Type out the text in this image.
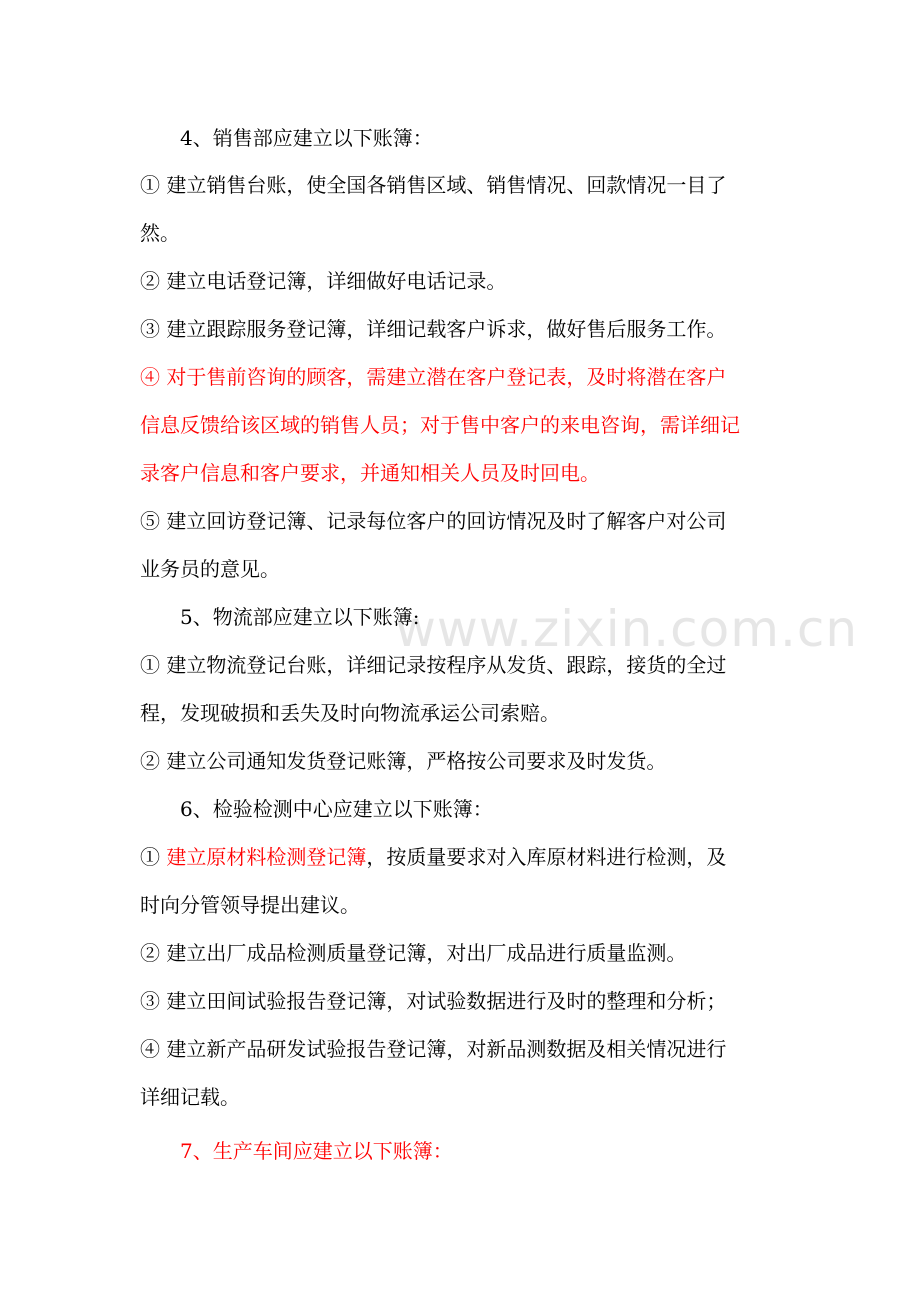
www.zixin.com.cn
4、销售部应建立以下账簿：
① 建立销售台账，使全国各销售区域、销售情况、回款情况一目了
然。
② 建立电话登记簿，详细做好电话记录。
③ 建立跟踪服务登记簿，详细记载客户诉求，做好售后服务工作。
④ 对于售前咨询的顾客，需建立潜在客户登记表，及时将潜在客户
信息反馈给该区域的销售人员；对于售中客户的来电咨询，需详细记
录客户信息和客户要求，并通知相关人员及时回电。
⑤ 建立回访登记簿、记录每位客户的回访情况及时了解客户对公司
业务员的意见。
5、物流部应建立以下账簿:
① 建立物流登记台账，详细记录按程序从发货、跟踪，接货的全过
程，发现破损和丢失及时向物流承运公司索赔。
② 建立公司通知发货登记账簿，严格按公司要求及时发货。
6、检验检测中心应建立以下账簿：
① 建立原材料检测登记簿，按质量要求对入库原材料进行检测，及
时向分管领导提出建议。
② 建立出厂成品检测质量登记簿，对出厂成品进行质量监测。
③ 建立田间试验报告登记簿，对试验数据进行及时的整理和分析；
④ 建立新产品研发试验报告登记簿，对新品测数据及相关情况进行
详细记载。
7、生产车间应建立以下账簿：
